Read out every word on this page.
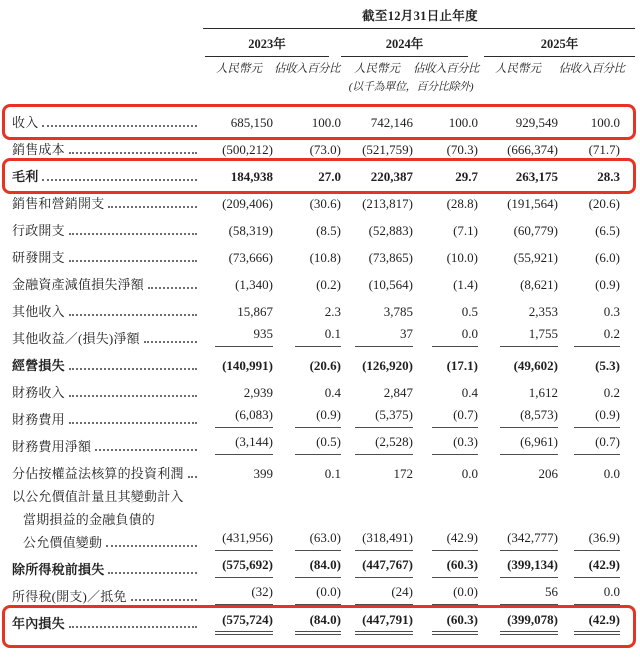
截至12月31日止年度
2023年	2024年	2025年
人民幣元	佔收入百分比	人民幣元	佔收入百分比	人民幣元	佔收入百分比
(以千為單位，百分比除外)
收入	685,150	100.0	742,146	100.0	929,549	100.0
銷售成本	(500,212)	(73.0)	(521,759)	(70.3)	(666,374)	(71.7)
毛利	184,938	27.0	220,387	29.7	263,175	28.3
銷售和營銷開支	(209,406)	(30.6)	(213,817)	(28.8)	(191,564)	(20.6)
行政開支	(58,319)	(8.5)	(52,883)	(7.1)	(60,779)	(6.5)
研發開支	(73,666)	(10.8)	(73,865)	(10.0)	(55,921)	(6.0)
金融資產減值損失淨額	(1,340)	(0.2)	(10,564)	(1.4)	(8,621)	(0.9)
其他收入	15,867	2.3	3,785	0.5	2,353	0.3
其他收益／(損失)淨額	935	0.1	37	0.0	1,755	0.2
經營損失	(140,991)	(20.6)	(126,920)	(17.1)	(49,602)	(5.3)
財務收入	2,939	0.4	2,847	0.4	1,612	0.2
財務費用	(6,083)	(0.9)	(5,375)	(0.7)	(8,573)	(0.9)
財務費用淨額	(3,144)	(0.5)	(2,528)	(0.3)	(6,961)	(0.7)
分佔按權益法核算的投資利潤	399	0.1	172	0.0	206	0.0
以公允價值計量且其變動計入
當期損益的金融負債的
公允價值變動	(431,956)	(63.0)	(318,491)	(42.9)	(342,777)	(36.9)
除所得稅前損失	(575,692)	(84.0)	(447,767)	(60.3)	(399,134)	(42.9)
所得稅(開支)／抵免	(32)	(0.0)	(24)	(0.0)	56	0.0
年內損失	(575,724)	(84.0)	(447,791)	(60.3)	(399,078)	(42.9)
